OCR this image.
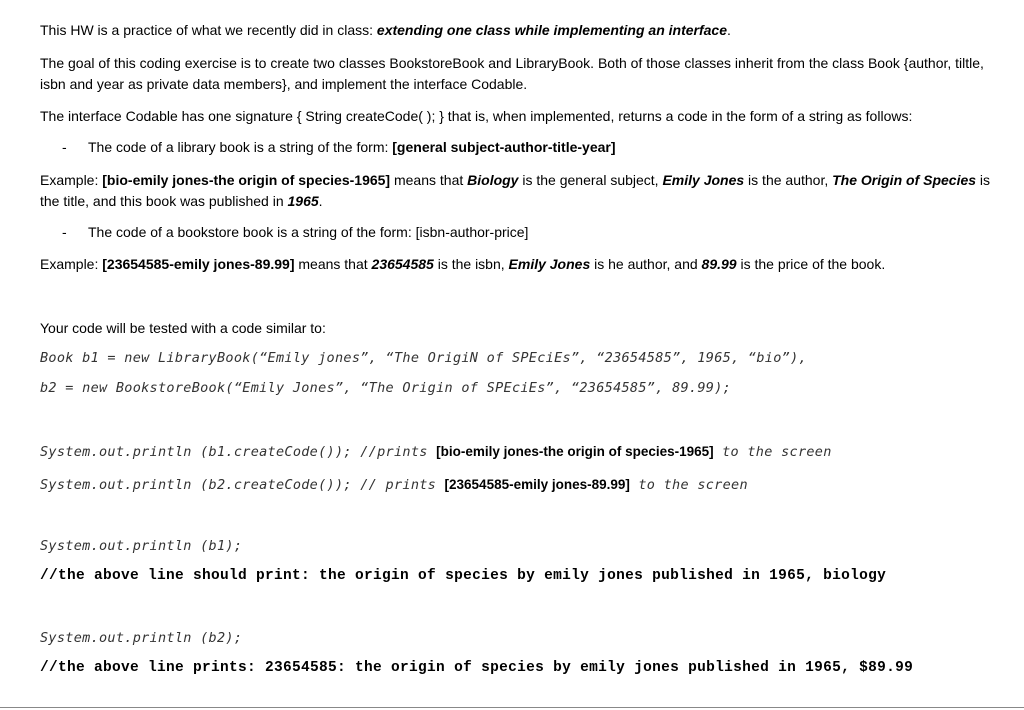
This HW is a practice of what we recently did in class: extending one class while implementing an interface.
The goal of this coding exercise is to create two classes BookstoreBook and LibraryBook. Both of those classes inherit from the class Book {author, tiltle, isbn and year as private data members}, and implement the interface Codable.
The interface Codable has one signature { String createCode( ); } that is, when implemented, returns a code in the form of a string as follows:
- The code of a library book is a string of the form: [general subject-author-title-year]
Example: [bio-emily jones-the origin of species-1965] means that Biology is the general subject, Emily Jones is the author, The Origin of Species is the title, and this book was published in 1965.
- The code of a bookstore book is a string of the form: [isbn-author-price]
Example: [23654585-emily jones-89.99] means that 23654585 is the isbn, Emily Jones is he author, and 89.99 is the price of the book.
Your code will be tested with a code similar to:
Book b1 = new LibraryBook(“Emily jones”, “The OrigiN of SPEciEs”, “23654585”, 1965, “bio”),
b2 = new BookstoreBook(“Emily Jones”, “The Origin of SPEciEs”, “23654585”, 89.99);
System.out.println (b1.createCode()); //prints [bio-emily jones-the origin of species-1965] to the screen
System.out.println (b2.createCode()); // prints [23654585-emily jones-89.99] to the screen
System.out.println (b1);
//the above line should print: the origin of species by emily jones published in 1965, biology
System.out.println (b2);
//the above line prints: 23654585: the origin of species by emily jones published in 1965, $89.99
